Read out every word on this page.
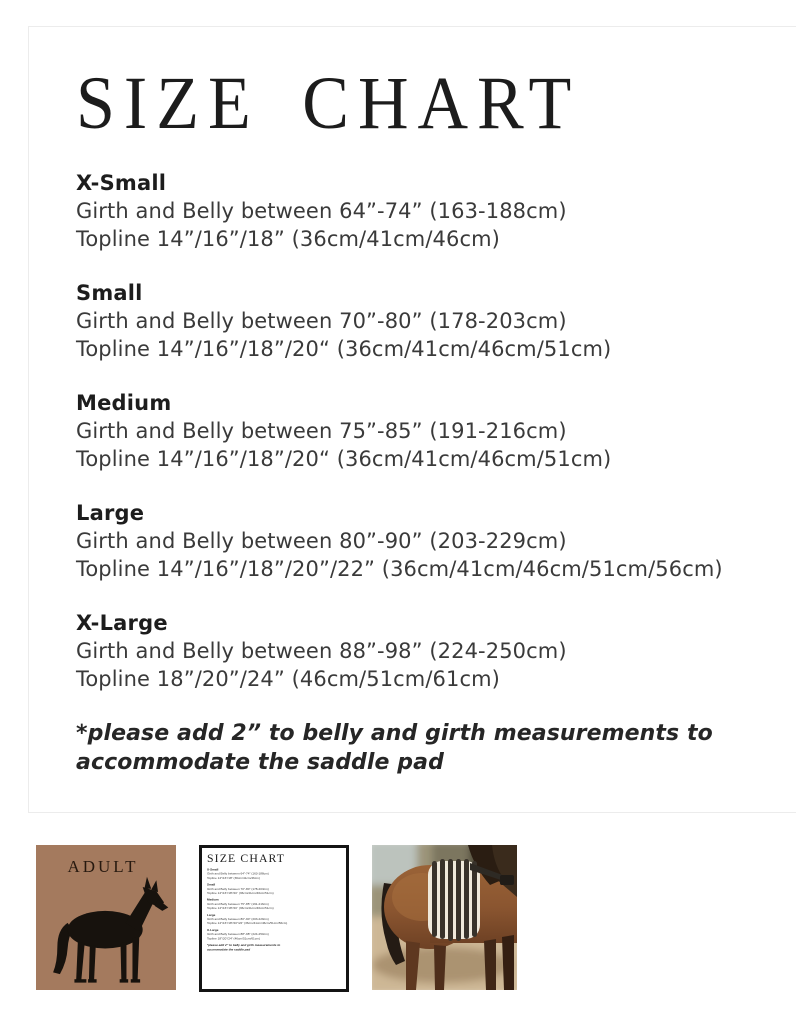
SIZE CHART
X-Small
Girth and Belly between 64”-74” (163-188cm)
Topline 14”/16”/18” (36cm/41cm/46cm)
Small
Girth and Belly between 70”-80” (178-203cm)
Topline 14”/16”/18”/20“ (36cm/41cm/46cm/51cm)
Medium
Girth and Belly between 75”-85” (191-216cm)
Topline 14”/16”/18”/20“ (36cm/41cm/46cm/51cm)
Large
Girth and Belly between 80”-90” (203-229cm)
Topline 14”/16”/18”/20”/22” (36cm/41cm/46cm/51cm/56cm)
X-Large
Girth and Belly between 88”-98” (224-250cm)
Topline 18”/20”/24” (46cm/51cm/61cm)

*please add 2” to belly and girth measurements to
accommodate the saddle pad

ADULT	SIZE CHART
X-Small
Girth and Belly between 64”-74” (163-188cm)
Topline 14”/16”/18” (36cm/41cm/46cm)
Small
Girth and Belly between 70”-80” (178-203cm)
Topline 14”/16”/18”/20“ (36cm/41cm/46cm/51cm)
Medium
Girth and Belly between 75”-85” (191-216cm)
Topline 14”/16”/18”/20“ (36cm/41cm/46cm/51cm)
Large
Girth and Belly between 80”-90” (203-229cm)
Topline 14”/16”/18”/20”/22” (36cm/41cm/46cm/51cm/56cm)
X-Large
Girth and Belly between 88”-98” (224-250cm)
Topline 18”/20”/24” (46cm/51cm/61cm)
*please add 2” to belly and girth measurements to
accommodate the saddle pad
